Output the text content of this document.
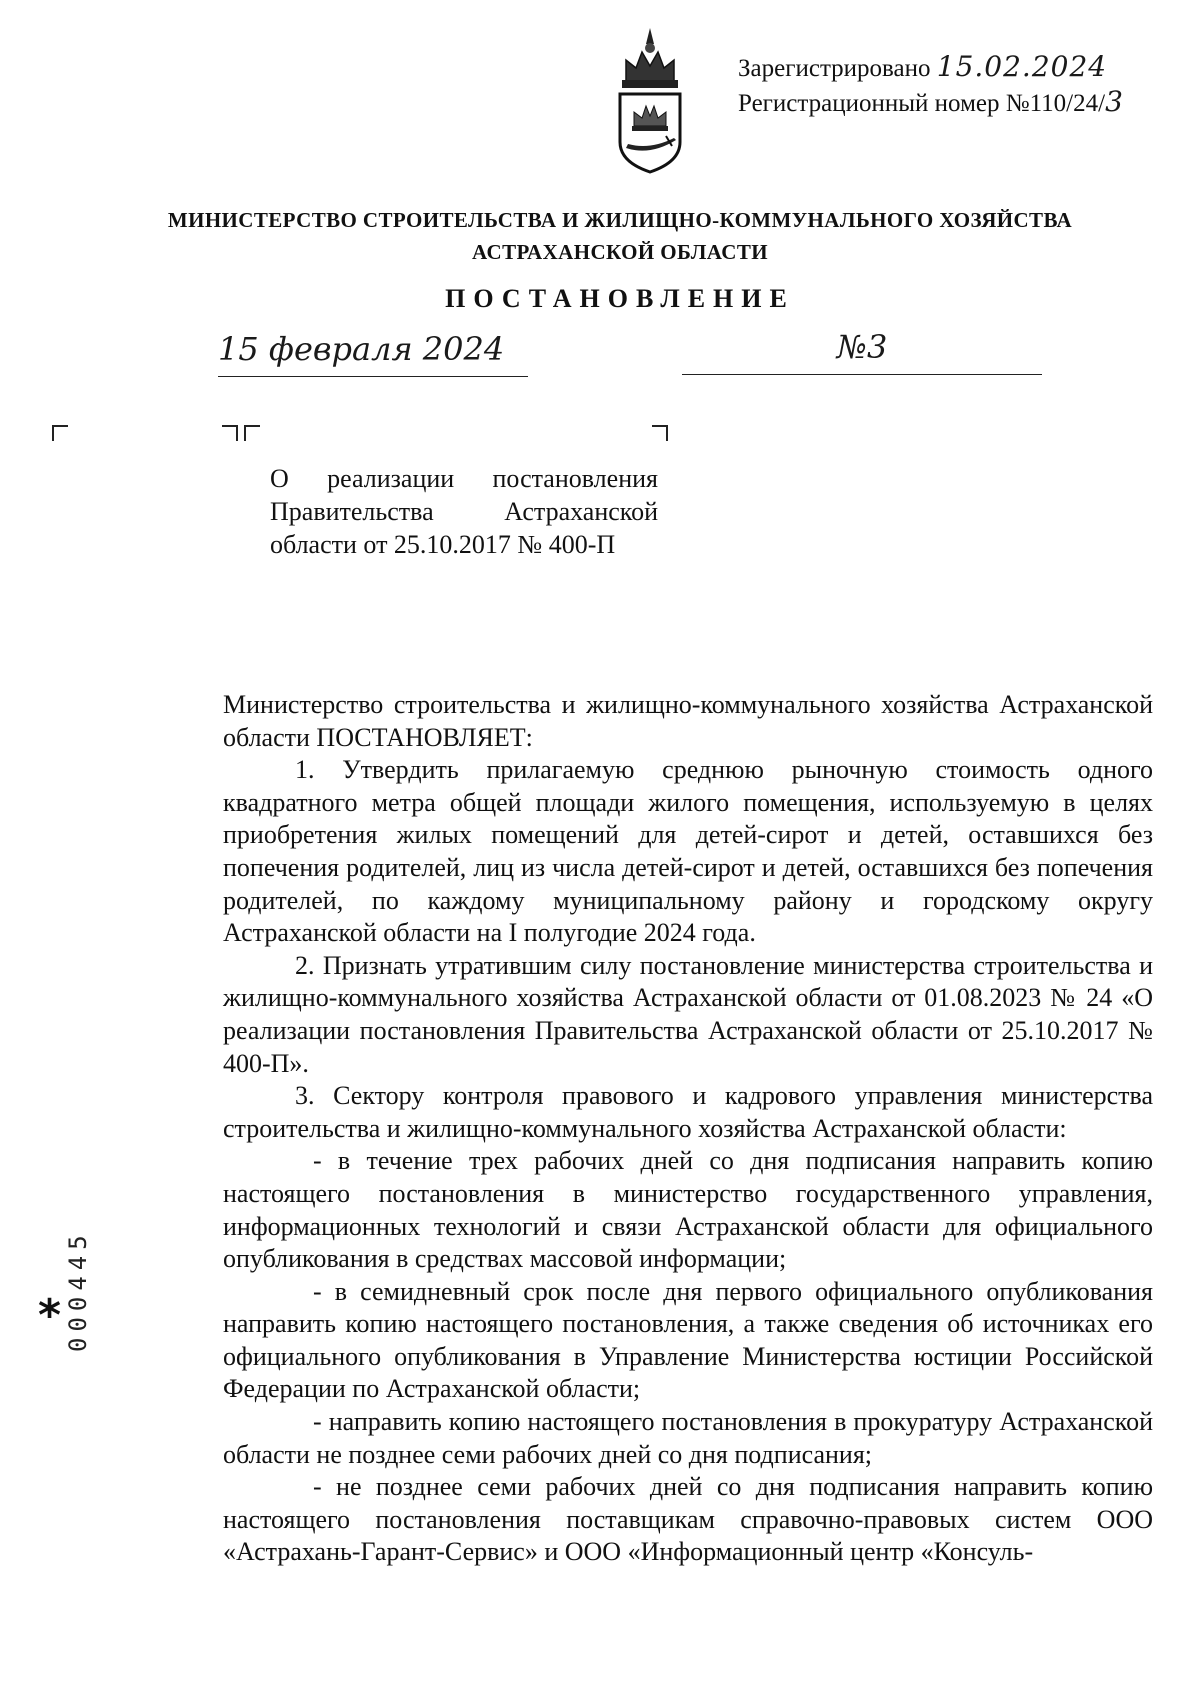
Зарегистрировано 15.02.2024
Регистрационный номер №110/24/3
МИНИСТЕРСТВО СТРОИТЕЛЬСТВА И ЖИЛИЩНО-КОММУНАЛЬНОГО ХОЗЯЙСТВА
АСТРАХАНСКОЙ ОБЛАСТИ
ПОСТАНОВЛЕНИЕ
15 февраля 2024	№3
О реализации постановления Правительства Астраханской области от 25.10.2017 № 400-П

Министерство строительства и жилищно-коммунального хозяйства Астраханской области ПОСТАНОВЛЯЕТ:

1. Утвердить прилагаемую среднюю рыночную стоимость одного квадратного метра общей площади жилого помещения, используемую в целях приобретения жилых помещений для детей-сирот и детей, оставшихся без попечения родителей, лиц из числа детей-сирот и детей, оставшихся без попечения родителей, по каждому муниципальному району и городскому округу Астраханской области на I полугодие 2024 года.

2. Признать утратившим силу постановление министерства строительства и жилищно-коммунального хозяйства Астраханской области от 01.08.2023 № 24 «О реализации постановления Правительства Астраханской области от 25.10.2017 № 400-П».

3. Сектору контроля правового и кадрового управления министерства строительства и жилищно-коммунального хозяйства Астраханской области:

- в течение трех рабочих дней со дня подписания направить копию настоящего постановления в министерство государственного управления, информационных технологий и связи Астраханской области для официального опубликования в средствах массовой информации;

- в семидневный срок после дня первого официального опубликования направить копию настоящего постановления, а также сведения об источниках его официального опубликования в Управление Министерства юстиции Российской Федерации по Астраханской области;

- направить копию настоящего постановления в прокуратуру Астраханской области не позднее семи рабочих дней со дня подписания;

- не позднее семи рабочих дней со дня подписания направить копию настоящего постановления поставщикам справочно-правовых систем ООО «Астрахань-Гарант-Сервис» и ООО «Информационный центр «Консуль-

* 000445
